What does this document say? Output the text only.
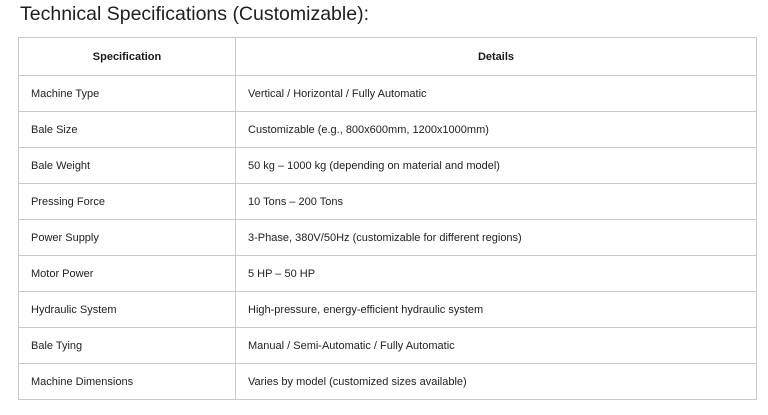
Technical Specifications (Customizable):
Specification	Details
Machine Type	Vertical / Horizontal / Fully Automatic
Bale Size	Customizable (e.g., 800x600mm, 1200x1000mm)
Bale Weight	50 kg – 1000 kg (depending on material and model)
Pressing Force	10 Tons – 200 Tons
Power Supply	3-Phase, 380V/50Hz (customizable for different regions)
Motor Power	5 HP – 50 HP
Hydraulic System	High-pressure, energy-efficient hydraulic system
Bale Tying	Manual / Semi-Automatic / Fully Automatic
Machine Dimensions	Varies by model (customized sizes available)
